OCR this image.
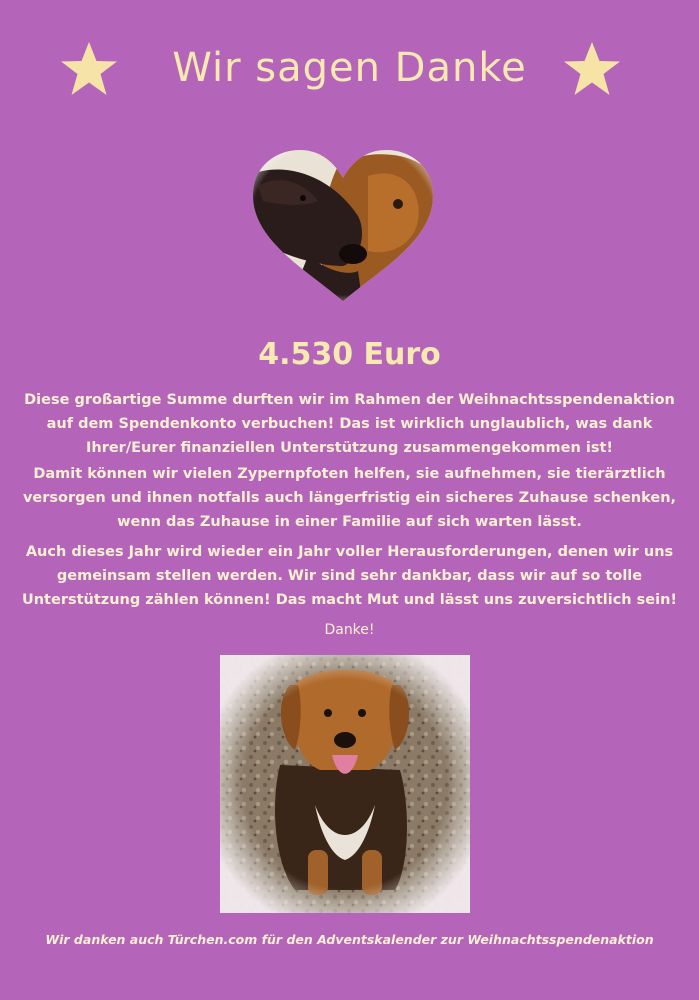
Wir sagen Danke
4.530 Euro
Diese großartige Summe durften wir im Rahmen der Weihnachtsspendenaktion
auf dem Spendenkonto verbuchen! Das ist wirklich unglaublich, was dank
Ihrer/Eurer finanziellen Unterstützung zusammengekommen ist!
Damit können wir vielen Zypernpfoten helfen, sie aufnehmen, sie tierärztlich
versorgen und ihnen notfalls auch längerfristig ein sicheres Zuhause schenken,
wenn das Zuhause in einer Familie auf sich warten lässt.
Auch dieses Jahr wird wieder ein Jahr voller Herausforderungen, denen wir uns
gemeinsam stellen werden. Wir sind sehr dankbar, dass wir auf so tolle
Unterstützung zählen können! Das macht Mut und lässt uns zuversichtlich sein!
Danke!
Wir danken auch Türchen.com für den Adventskalender zur Weihnachtsspendenaktion
